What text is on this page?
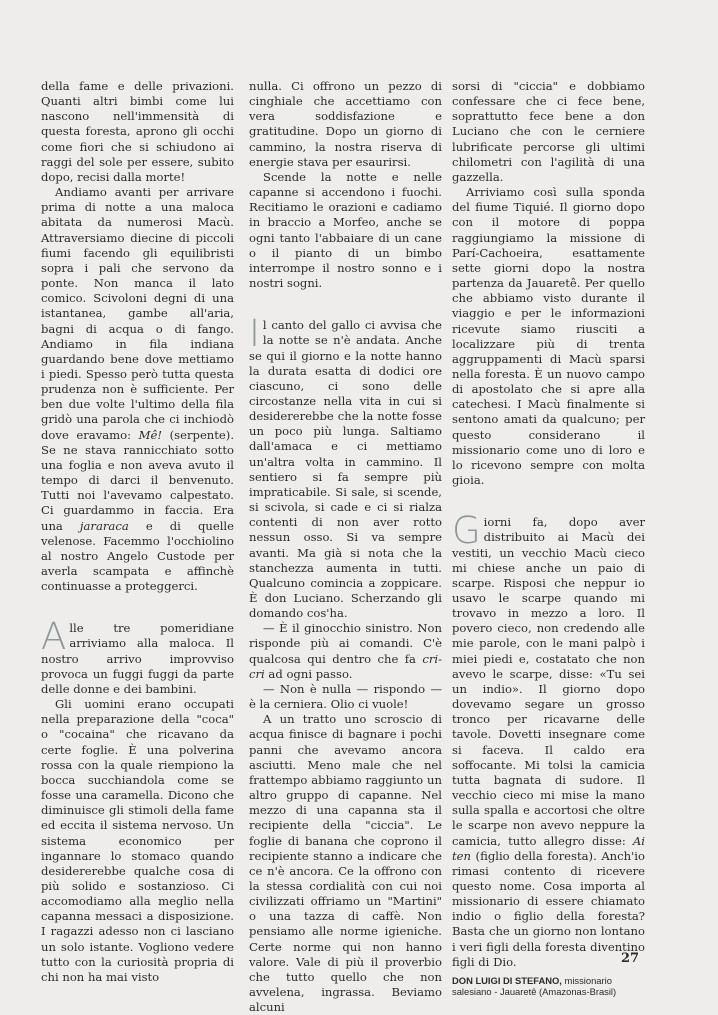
della fame e delle privazioni. Quanti altri bimbi come lui nascono nell'immensità di questa foresta, aprono gli occhi come fiori che si schiudono ai raggi del sole per essere, subito dopo, recisi dalla morte!

Andiamo avanti per arrivare prima di notte a una maloca abitata da numerosi Macù. Attraversiamo diecine di piccoli fiumi facendo gli equilibristi sopra i pali che servono da ponte. Non manca il lato comico. Scivoloni degni di una istantanea, gambe all'aria, bagni di acqua o di fango. Andiamo in fila indiana guardando bene dove mettiamo i piedi. Spesso però tutta questa prudenza non è sufficiente. Per ben due volte l'ultimo della fila gridò una parola che ci inchiodò dove eravamo: Mê! (serpente). Se ne stava rannicchiato sotto una foglia e non aveva avuto il tempo di darci il benvenuto. Tutti noi l'avevamo calpestato. Ci guardammo in faccia. Era una jararaca e di quelle velenose. Facemmo l'occhiolino al nostro Angelo Custode per averla scampata e affinchè continuasse a proteggerci.

Alle tre pomeridiane arriviamo alla maloca. Il nostro arrivo improvviso provoca un fuggi fuggi da parte delle donne e dei bambini.

Gli uomini erano occupati nella preparazione della "coca" o "cocaina" che ricavano da certe foglie. È una polverina rossa con la quale riempiono la bocca succhiandola come se fosse una caramella. Dicono che diminuisce gli stimoli della fame ed eccita il sistema nervoso. Un sistema economico per ingannare lo stomaco quando desidererebbe qualche cosa di più solido e sostanzioso. Ci accomodiamo alla meglio nella capanna messaci a disposizione. I ragazzi adesso non ci lasciano un solo istante. Vogliono vedere tutto con la curiosità propria di chi non ha mai visto

nulla. Ci offrono un pezzo di cinghiale che accettiamo con vera soddisfazione e gratitudine. Dopo un giorno di cammino, la nostra riserva di energie stava per esaurirsi.

Scende la notte e nelle capanne si accendono i fuochi. Recitiamo le orazioni e cadiamo in braccio a Morfeo, anche se ogni tanto l'abbaiare di un cane o il pianto di un bimbo interrompe il nostro sonno e i nostri sogni.

Il canto del gallo ci avvisa che la notte se n'è andata. Anche se qui il giorno e la notte hanno la durata esatta di dodici ore ciascuno, ci sono delle circostanze nella vita in cui si desidererebbe che la notte fosse un poco più lunga. Saltiamo dall'amaca e ci mettiamo un'altra volta in cammino. Il sentiero si fa sempre più impraticabile. Si sale, si scende, si scivola, si cade e ci si rialza contenti di non aver rotto nessun osso. Si va sempre avanti. Ma già si nota che la stanchezza aumenta in tutti. Qualcuno comincia a zoppicare. È don Luciano. Scherzando gli domando cos'ha.

— È il ginocchio sinistro. Non risponde più ai comandi. C'è qualcosa qui dentro che fa cri-cri ad ogni passo.

— Non è nulla — rispondo — è la cerniera. Olio ci vuole!

A un tratto uno scroscio di acqua finisce di bagnare i pochi panni che avevamo ancora asciutti. Meno male che nel frattempo abbiamo raggiunto un altro gruppo di capanne. Nel mezzo di una capanna sta il recipiente della "ciccia". Le foglie di banana che coprono il recipiente stanno a indicare che ce n'è ancora. Ce la offrono con la stessa cordialità con cui noi civilizzati offriamo un "Martini" o una tazza di caffè. Non pensiamo alle norme igieniche. Certe norme qui non hanno valore. Vale di più il proverbio che tutto quello che non avvelena, ingrassa. Beviamo alcuni

sorsi di "ciccia" e dobbiamo confessare che ci fece bene, soprattutto fece bene a don Luciano che con le cerniere lubrificate percorse gli ultimi chilometri con l'agilità di una gazzella.

Arriviamo così sulla sponda del fiume Tiquié. Il giorno dopo con il motore di poppa raggiungiamo la missione di Parí-Cachoeira, esattamente sette giorni dopo la nostra partenza da Jauaretê. Per quello che abbiamo visto durante il viaggio e per le informazioni ricevute siamo riusciti a localizzare più di trenta aggruppamenti di Macù sparsi nella foresta. È un nuovo campo di apostolato che si apre alla catechesi. I Macù finalmente si sentono amati da qualcuno; per questo considerano il missionario come uno di loro e lo ricevono sempre con molta gioia.

Giorni fa, dopo aver distribuito ai Macù dei vestiti, un vecchio Macù cieco mi chiese anche un paio di scarpe. Risposi che neppur io usavo le scarpe quando mi trovavo in mezzo a loro. Il povero cieco, non credendo alle mie parole, con le mani palpò i miei piedi e, costatato che non avevo le scarpe, disse: «Tu sei un indio». Il giorno dopo dovevamo segare un grosso tronco per ricavarne delle tavole. Dovetti insegnare come si faceva. Il caldo era soffocante. Mi tolsi la camicia tutta bagnata di sudore. Il vecchio cieco mi mise la mano sulla spalla e accortosi che oltre le scarpe non avevo neppure la camicia, tutto allegro disse: Ai ten (figlio della foresta). Anch'io rimasi contento di ricevere questo nome. Cosa importa al missionario di essere chiamato indio o figlio della foresta? Basta che un giorno non lontano i veri figli della foresta diventino figli di Dio.

DON LUIGI DI STEFANO, missionario salesiano - Jauaretê (Amazonas-Brasil)

27
